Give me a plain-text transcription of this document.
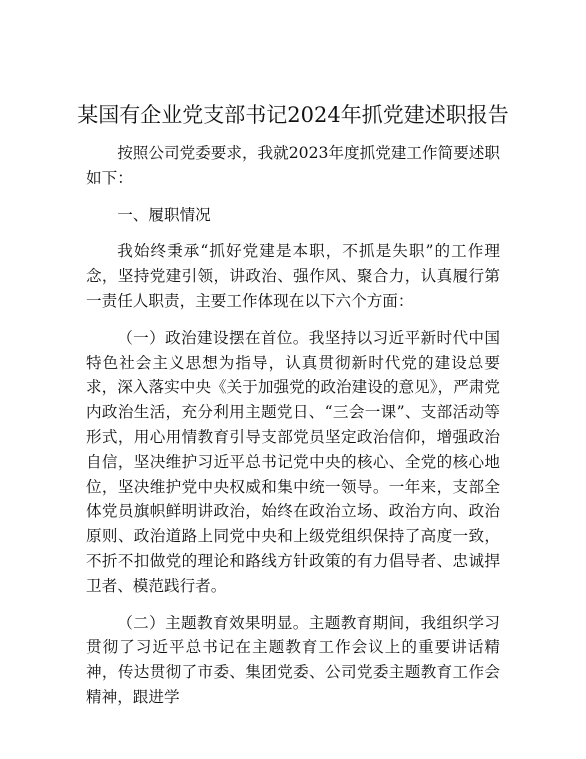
某国有企业党支部书记2024年抓党建述职报告

按照公司党委要求，我就2023年度抓党建工作简要述职如下：

一、履职情况

我始终秉承“抓好党建是本职，不抓是失职”的工作理念，坚持党建引领，讲政治、强作风、聚合力，认真履行第一责任人职责，主要工作体现在以下六个方面：

（一）政治建设摆在首位。我坚持以习近平新时代中国特色社会主义思想为指导，认真贯彻新时代党的建设总要求，深入落实中央《关于加强党的政治建设的意见》，严肃党内政治生活，充分利用主题党日、“三会一课”、支部活动等形式，用心用情教育引导支部党员坚定政治信仰，增强政治自信，坚决维护习近平总书记党中央的核心、全党的核心地位，坚决维护党中央权威和集中统一领导。一年来，支部全体党员旗帜鲜明讲政治，始终在政治立场、政治方向、政治原则、政治道路上同党中央和上级党组织保持了高度一致，不折不扣做党的理论和路线方针政策的有力倡导者、忠诚捍卫者、模范践行者。

（二）主题教育效果明显。主题教育期间，我组织学习贯彻了习近平总书记在主题教育工作会议上的重要讲话精神，传达贯彻了市委、集团党委、公司党委主题教育工作会精神，跟进学
